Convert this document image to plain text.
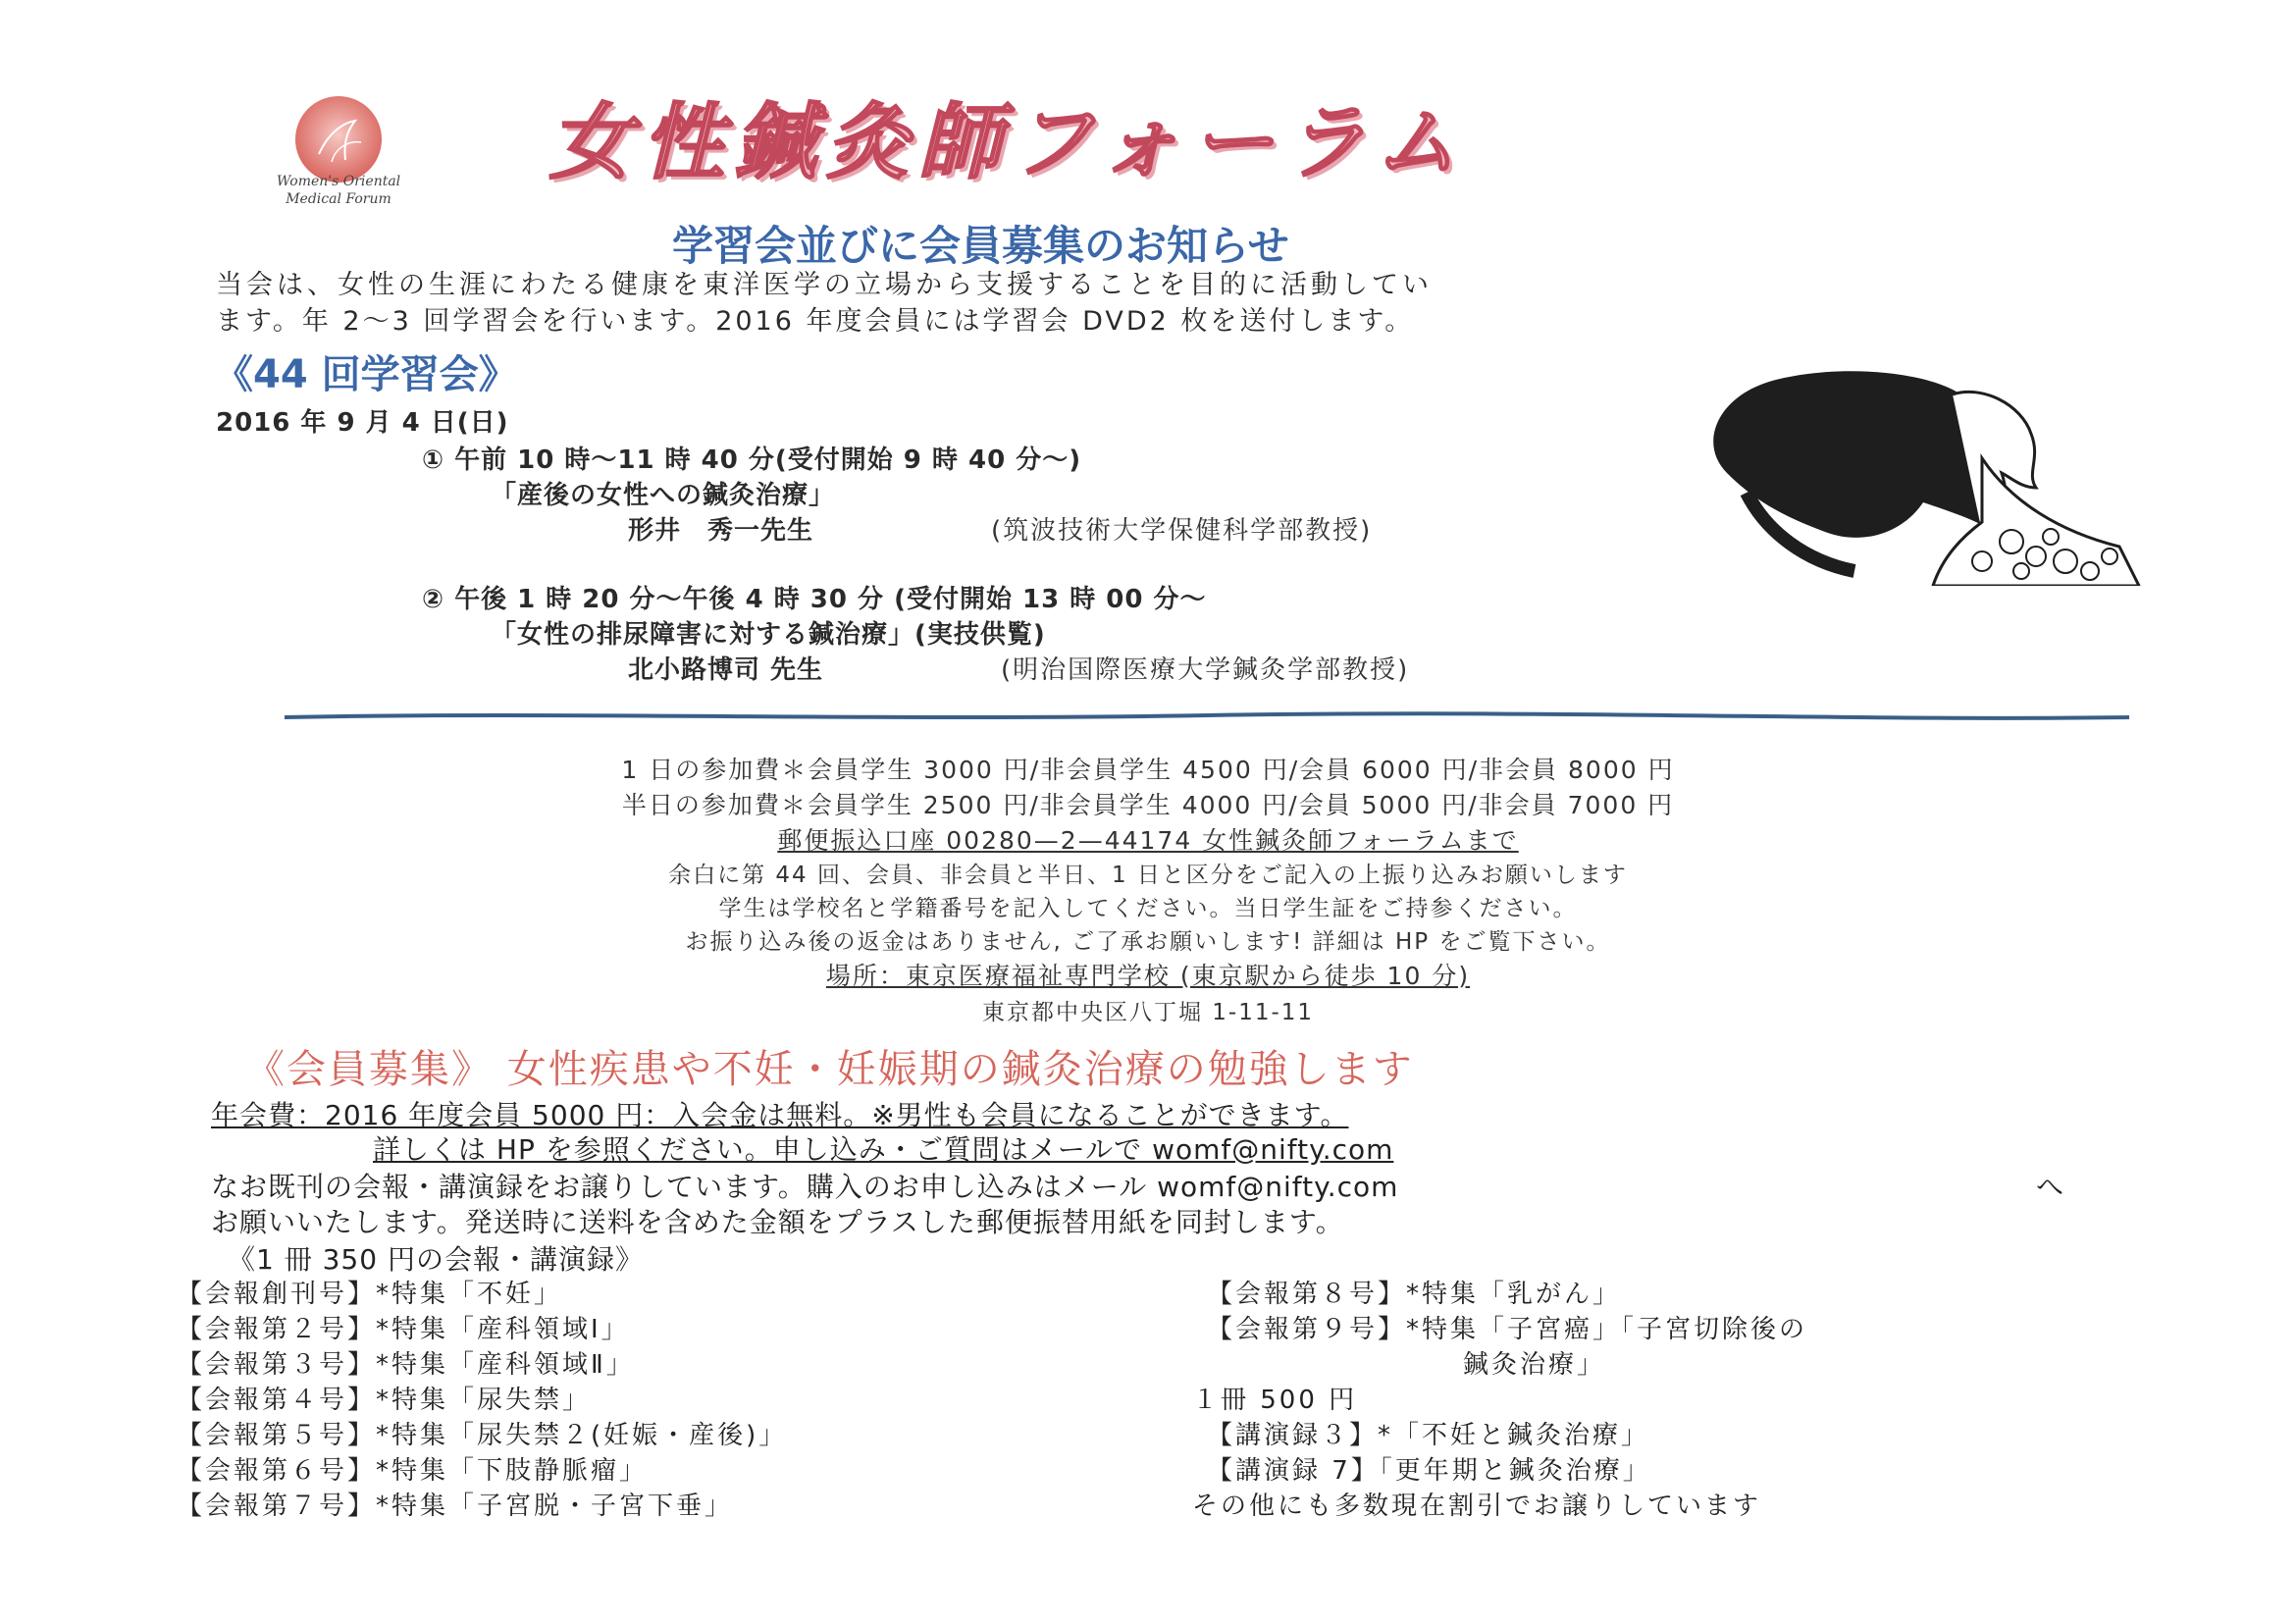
Women's Oriental
Medical Forum
女性鍼灸師フォーラム
学習会並びに会員募集のお知らせ
当会は、女性の生涯にわたる健康を東洋医学の立場から支援することを目的に活動してい
ます。年 2〜3 回学習会を行います。2016 年度会員には学習会 DVD2 枚を送付します。
《44 回学習会》
2016 年 9 月 4 日(日)
① 午前 10 時〜11 時 40 分(受付開始 9 時 40 分〜)
「産後の女性への鍼灸治療」
形井　秀一先生	(筑波技術大学保健科学部教授)
② 午後 1 時 20 分〜午後 4 時 30 分 (受付開始 13 時 00 分〜
「女性の排尿障害に対する鍼治療」(実技供覧)
北小路博司 先生	(明治国際医療大学鍼灸学部教授)
1 日の参加費＊会員学生 3000 円/非会員学生 4500 円/会員 6000 円/非会員 8000 円
半日の参加費＊会員学生 2500 円/非会員学生 4000 円/会員 5000 円/非会員 7000 円
郵便振込口座 00280—2—44174 女性鍼灸師フォーラムまで
余白に第 44 回、会員、非会員と半日、1 日と区分をご記入の上振り込みお願いします
学生は学校名と学籍番号を記入してください。当日学生証をご持参ください。
お振り込み後の返金はありません, ご了承お願いします! 詳細は HP をご覧下さい。
場所：東京医療福祉専門学校 (東京駅から徒歩 10 分)
東京都中央区八丁堀 1-11-11
《会員募集》 女性疾患や不妊・妊娠期の鍼灸治療の勉強します
年会費：2016 年度会員 5000 円：入会金は無料。※男性も会員になることができます。
詳しくは HP を参照ください。申し込み・ご質問はメールで womf@nifty.com
なお既刊の会報・講演録をお譲りしています。購入のお申し込みはメール womf@nifty.com	へ
お願いいたします。発送時に送料を含めた金額をプラスした郵便振替用紙を同封します。
《1 冊 350 円の会報・講演録》
【会報創刊号】*特集「不妊」
【会報第２号】*特集「産科領域Ⅰ」
【会報第３号】*特集「産科領域Ⅱ」
【会報第４号】*特集「尿失禁」
【会報第５号】*特集「尿失禁２(妊娠・産後)」
【会報第６号】*特集「下肢静脈瘤」
【会報第７号】*特集「子宮脱・子宮下垂」
【会報第８号】*特集「乳がん」
【会報第９号】*特集「子宮癌」「子宮切除後の
　　　　　　　　　鍼灸治療」
１冊 500 円
【講演録３】*「不妊と鍼灸治療」
【講演録 7】「更年期と鍼灸治療」
その他にも多数現在割引でお譲りしています
